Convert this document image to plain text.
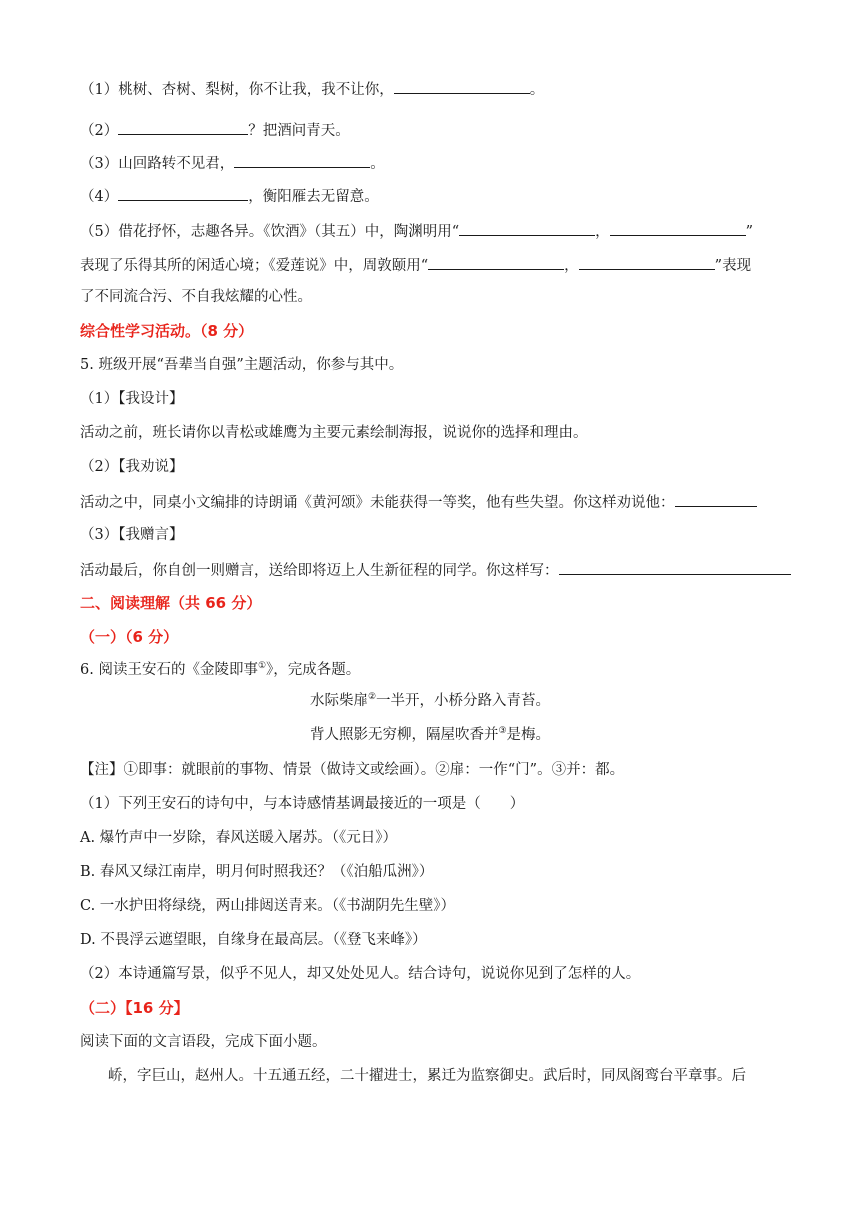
（1）桃树、杏树、梨树，你不让我，我不让你，	。
（2）	？把酒问青天。
（3）山回路转不见君，	。
（4）	，衡阳雁去无留意。
（5）借花抒怀，志趣各异。《饮酒》（其五）中，陶渊明用“	，	”
表现了乐得其所的闲适心境；《爱莲说》中，周敦颐用“	，	”表现
了不同流合污、不自我炫耀的心性。
综合性学习活动。（8 分）
5. 班级开展“吾辈当自强”主题活动，你参与其中。
（1）【我设计】
活动之前，班长请你以青松或雄鹰为主要元素绘制海报，说说你的选择和理由。
（2）【我劝说】
活动之中，同桌小文编排的诗朗诵《黄河颂》未能获得一等奖，他有些失望。你这样劝说他：
（3）【我赠言】
活动最后，你自创一则赠言，送给即将迈上人生新征程的同学。你这样写：
二、阅读理解（共 66 分）
（一）（6 分）
6. 阅读王安石的《金陵即事①》，完成各题。
水际柴扉②一半开，小桥分路入青苔。
背人照影无穷柳，隔屋吹香并③是梅。
【注】①即事：就眼前的事物、情景（做诗文或绘画）。②扉：一作“门”。③并：都。
（1）下列王安石的诗句中，与本诗感情基调最接近的一项是（　　）
A. 爆竹声中一岁除，春风送暖入屠苏。（《元日》）
B. 春风又绿江南岸，明月何时照我还？（《泊船瓜洲》）
C. 一水护田将绿绕，两山排闼送青来。（《书湖阴先生壁》）
D. 不畏浮云遮望眼，自缘身在最高层。（《登飞来峰》）
（2）本诗通篇写景，似乎不见人，却又处处见人。结合诗句，说说你见到了怎样的人。
（二）【16 分】
阅读下面的文言语段，完成下面小题。
峤，字巨山，赵州人。十五通五经，二十擢进士，累迁为监察御史。武后时，同凤阁鸾台平章事。后
